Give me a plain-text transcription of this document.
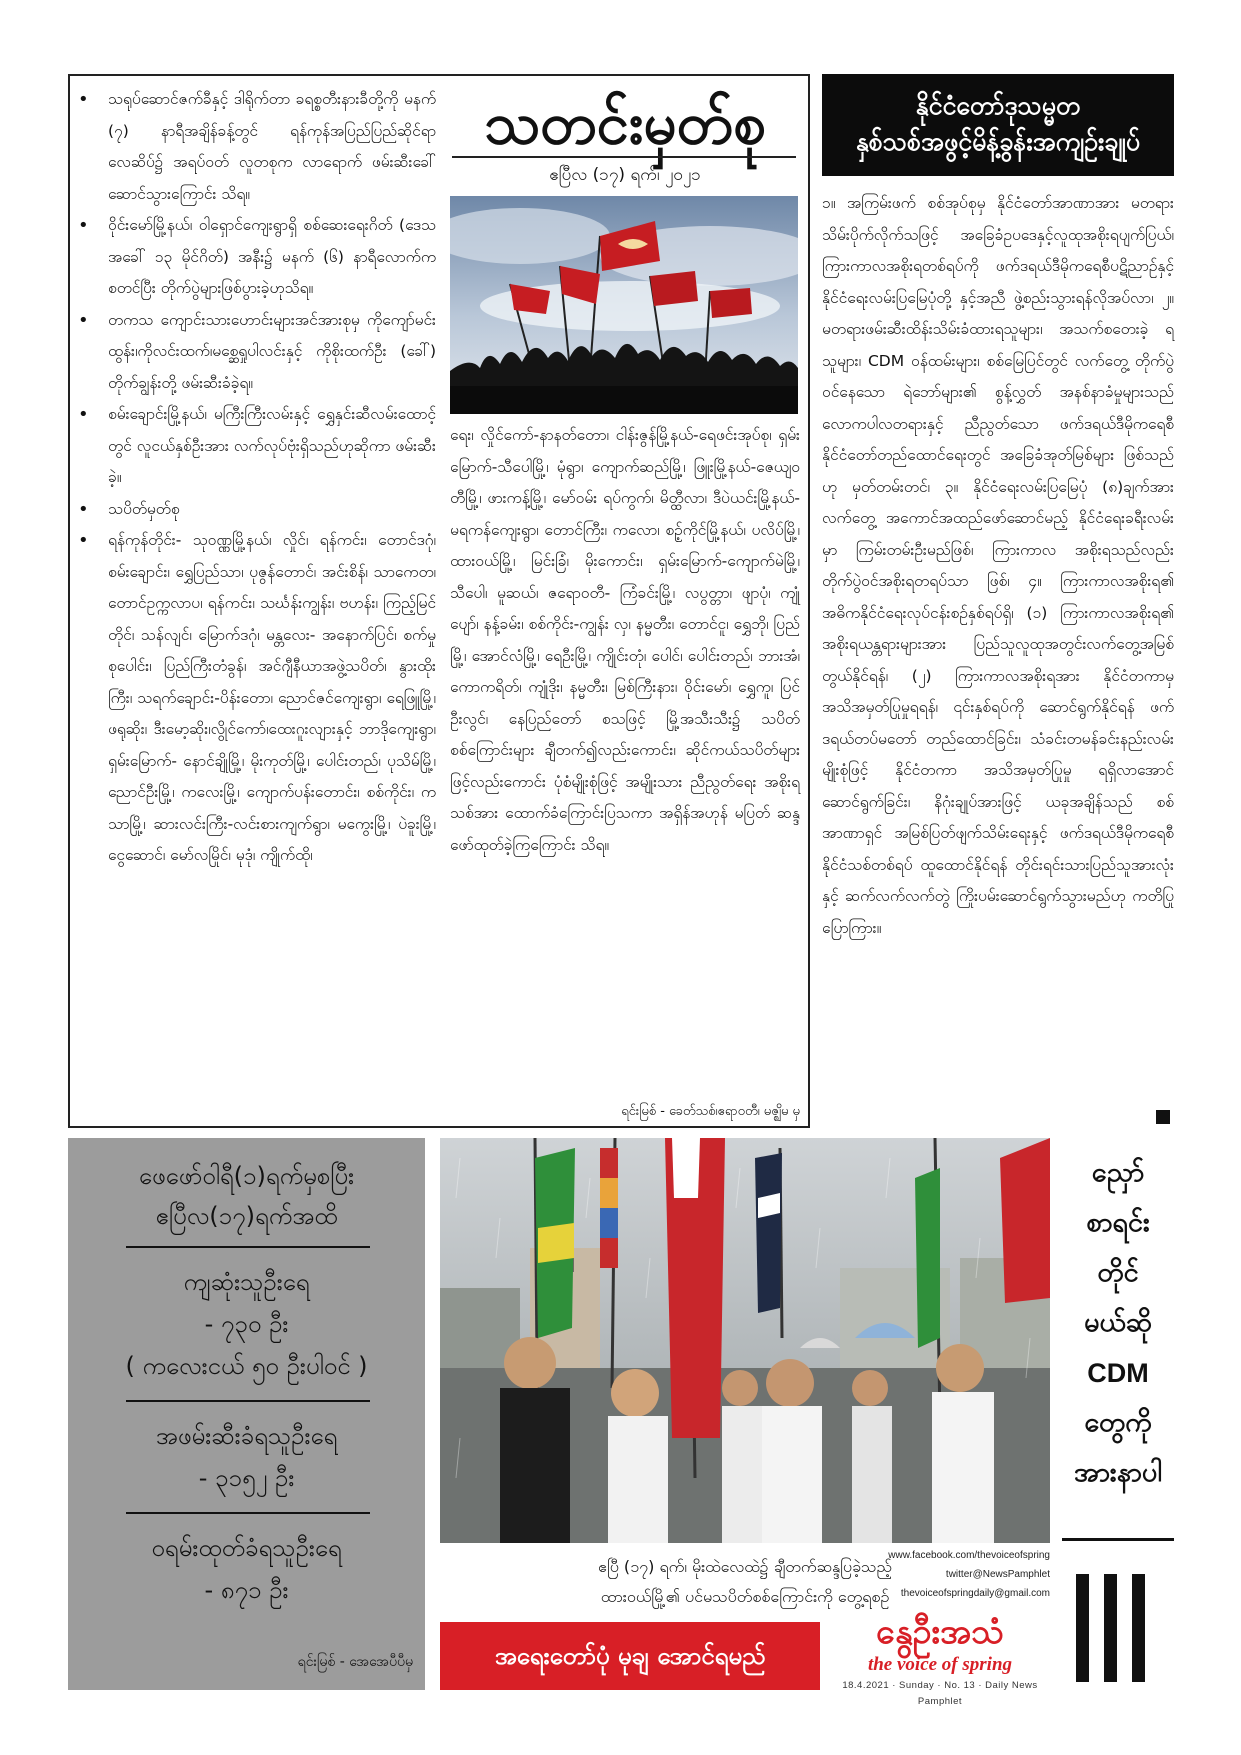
• သရုပ်ဆောင်ဇက်ခီနှင့် ဒါရိုက်တာ ခရစ္စတီးနားခီတို့ကို မနက် (၇) နာရီအချိန်ခန့်တွင် ရန်ကုန်အပြည်ပြည်ဆိုင်ရာ လေဆိပ်၌ အရပ်ဝတ် လူတစုက လာရောက် ဖမ်းဆီးခေါ်ဆောင်သွားကြောင်း သိရ။
• ဝိုင်းမော်မြို့နယ်၊ ဝါရှောင်ကျေးရွာရှိ စစ်ဆေးရေးဂိတ် (ဒေသအခေါ် ၁၃ မိုင်ဂိတ်) အနီး၌ မနက် (၆) နာရီလောက်က စတင်ပြီး တိုက်ပွဲများဖြစ်ပွားခဲ့ဟုသိရ။
• တကသ ကျောင်းသားဟောင်းများအင်အားစုမှ ကိုကျော်မင်းထွန်း၊ကိုလင်းထက်၊မစ္ဆေရှုပါလင်းနှင့် ကိုစိုးထက်ဦး (ခေါ်) တိုက်ချွန်းတို့ ဖမ်းဆီးခံခဲ့ရ။
• စမ်းချောင်းမြို့နယ်၊ မကြီးကြီးလမ်းနှင့် ရွှေနှင်းဆီလမ်းထောင့်တွင် လူငယ်နှစ်ဦးအား လက်လုပ်ဗုံးရှိသည်ဟုဆိုကာ ဖမ်းဆီးခဲ့။
• သပိတ်မှတ်စု
• ရန်ကုန်တိုင်း- သုဝဏ္ဏမြို့နယ်၊ လှိုင်၊ ရန်ကင်း၊ တောင်ဒဂုံ၊ စမ်းချောင်း၊ ရွှေပြည်သာ၊ ပုဇွန်တောင်၊ အင်းစိန်၊ သာကေတ၊ တောင်ဥက္ကလာပ၊ ရန်ကင်း၊ သင်္ဃန်းကျွန်း၊ ဗဟန်း၊ ကြည့်မြင်တိုင်၊ သန်လျင်၊ မြောက်ဒဂုံ၊ မန္တလေး- အနောက်ပြင်၊ စက်မှုစုပေါင်း၊ ပြည်ကြီးတံခွန်၊ အင်ဂျီနီယာအဖွဲ့သပိတ်၊ နွားထိုးကြီး၊ သရက်ချောင်း-ပိန်းတော၊ ညောင်ဇင်ကျေးရွာ၊ ရေဖြူမြို့၊ ဖရုဆိုး၊ ဒီးမော့ဆိုး၊လွိုင်ကော်၊ထေးဂူးလျားနှင့် ဘာဒိုကျေးရွာ၊ ရှမ်းမြောက်- နောင်ချိုမြို့၊ မိုးကုတ်မြို့၊ ပေါင်းတည်၊ ပုသိမ်မြို့၊ ညောင်ဦးမြို့၊ ကလေးမြို့၊ ကျောက်ပန်းတောင်း၊ စစ်ကိုင်း၊ ကသာမြို့၊ ဆားလင်းကြီး-လင်းစားကျက်ရွာ၊ မကွေးမြို့၊ ပဲခူးမြို့၊ ငွေဆောင်၊ မော်လမြိုင်၊ မုဒုံ၊ ကျိုက်ထို၊
သတင်းမှတ်စု
ဧပြီလ (၁၇) ရက်၊ ၂၀၂၁
ရေး၊ လှိုင်ကော်-နာနတ်တော၊ ငါန်းဇွန်မြို့နယ်-ရေဖင်းအုပ်စု၊ ရှမ်းမြောက်-သီပေါမြို့၊ မုံရွာ၊ ကျောက်ဆည်မြို့၊ ဖြူးမြို့နယ်-ဇေယျဝတီမြို့၊ ဖားကန့်မြို့၊ မော်ဝမ်း ရပ်ကွက်၊ မိတ္ထီလာ၊ ဒီပဲယင်းမြို့နယ်-မရကန်ကျေးရွာ၊ တောင်ကြီး၊ ကလော၊ စဉ့်ကိုင်မြို့နယ်၊ ပလိပ်မြို့၊ ထားဝယ်မြို့၊ မြင်းခြံ၊ မိုးကောင်း၊ ရှမ်းမြောက်-ကျောက်မဲမြို့၊ သီပေါ၊ မူဆယ်၊ ဇရောဝတီ- ကြံခင်းမြို့၊ လပွတ္တာ၊ ဖျာပုံ၊ ကျုံပျော်၊ နန့်ခမ်း၊ စစ်ကိုင်း-ကျွန်း လှ၊ နမ္မတီး၊ တောင်ငူ၊ ရွှေဘို၊ ပြည်မြို့၊ အောင်လံမြို့၊ ရေဦးမြို့၊ ကျိုင်းတုံ၊ ပေါင်၊ ပေါင်းတည်၊ ဘားအံ၊ ကောကရိတ်၊ ကျုံဒိုး၊ နမ္မတီး၊ မြစ်ကြီးနား၊ ဝိုင်းမော်၊ ရွှေကူ၊ ပြင်ဦးလွင်၊ နေပြည်တော် စသဖြင့် မြို့အသီးသီး၌ သပိတ်စစ်ကြောင်းများ ချီတက်၍လည်းကောင်း၊ ဆိုင်ကယ်သပိတ်များဖြင့်လည်းကောင်း ပုံစံမျိုးစုံဖြင့် အမျိုးသား ညီညွတ်ရေး အစိုးရသစ်အား ထောက်ခံကြောင်းပြသကာ အရှိန်အဟုန် မပြတ် ဆန္ဒဖော်ထုတ်ခဲ့ကြကြောင်း သိရ။
ရင်းမြစ် - ခေတ်သစ်၊ဧရာဝတီ၊ မဇ္ဈိမ မှ
နိုင်ငံတော်ဒုသမ္မတ
နှစ်သစ်အဖွင့်မိန့်ခွန်းအကျဉ်းချုပ်
၁။ အကြမ်းဖက် စစ်အုပ်စုမှ နိုင်ငံတော်အာဏာအား မတရား သိမ်းပိုက်လိုက်သဖြင့် အခြေခံဥပဒေနှင့်လူထုအစိုးရပျက်ပြယ်၊ကြားကာလအစိုးရတစ်ရပ်ကို ဖက်ဒရယ်ဒီမိုကရေစီပဋိညာဉ်နှင့် နိုင်ငံရေးလမ်းပြမြေပုံတို့ နှင့်အညီ ဖွဲ့စည်းသွားရန်လိုအပ်လာ၊ ၂။ မတရားဖမ်းဆီးထိန်းသိမ်းခံထားရသူများ၊ အသက်စတေးခဲ့ ရသူများ၊ CDM ဝန်ထမ်းများ၊ စစ်မြေပြင်တွင် လက်တွေ့ တိုက်ပွဲဝင်နေသော ရဲဘော်များ၏ စွန့်လွှတ် အနစ်နာခံမှုများသည် လောကပါလတရားနှင့် ညီညွတ်သော ဖက်ဒရယ်ဒီမိုကရေစီနိုင်ငံတော်တည်ထောင်ရေးတွင် အခြေခံအုတ်မြစ်များ ဖြစ်သည်ဟု မှတ်တမ်းတင်၊ ၃။ နိုင်ငံရေးလမ်းပြမြေပုံ (၈)ချက်အား လက်တွေ့ အကောင်အထည်ဖော်ဆောင်မည့် နိုင်ငံရေးခရီးလမ်းမှာ ကြမ်းတမ်းဦးမည်ဖြစ်၊ ကြားကာလ အစိုးရသည်လည်း တိုက်ပွဲဝင်အစိုးရတရပ်သာ ဖြစ်၊ ၄။ ကြားကာလအစိုးရ၏ အဓိကနိုင်ငံရေးလုပ်ငန်းစဉ်နှစ်ရပ်ရှိ၊ (၁) ကြားကာလအစိုးရ၏ အစိုးရယန္တရားများအား ပြည်သူလူထုအတွင်းလက်တွေ့အမြစ်တွယ်နိုင်ရန်၊ (၂) ကြားကာလအစိုးရအား နိုင်ငံတကာမှ အသိအမှတ်ပြုမှုရရန်၊ ၎င်းနှစ်ရပ်ကို ဆောင်ရွက်နိုင်ရန် ဖက်ဒရယ်တပ်မတော် တည်ထောင်ခြင်း၊ သံခင်းတမန်ခင်းနည်းလမ်းမျိုးစုံဖြင့် နိုင်ငံတကာ အသိအမှတ်ပြုမှု ရရှိလာအောင် ဆောင်ရွက်ခြင်း၊ နိဂုံးချုပ်အားဖြင့် ယခုအချိန်သည် စစ်အာဏာရှင် အမြစ်ပြတ်ဖျက်သိမ်းရေးနှင့် ဖက်ဒရယ်ဒီမိုကရေစီနိုင်ငံသစ်တစ်ရပ် ထူထောင်နိုင်ရန် တိုင်းရင်းသားပြည်သူအားလုံးနှင့် ဆက်လက်လက်တွဲ ကြိုးပမ်းဆောင်ရွက်သွားမည်ဟု ကတိပြုပြောကြား။
ဖေဖော်ဝါရီ(၁)ရက်မှစပြီး
ဧပြီလ(၁၇)ရက်အထိ
ကျဆုံးသူဦးရေ
- ၇၃၀ ဦး
( ကလေးငယ် ၅၀ ဦးပါဝင် )
အဖမ်းဆီးခံရသူဦးရေ
- ၃၁၅၂ ဦး
ဝရမ်းထုတ်ခံရသူဦးရေ
- ၈၇၁ ဦး
ရင်းမြစ် - အေအေပီပီမှ
ဧပြီ (၁၇) ရက်၊ မိုးထဲလေထဲ၌ ချီတက်ဆန္ဒပြခဲ့သည့်
ထားဝယ်မြို့၏ ပင်မသပိတ်စစ်ကြောင်းကို တွေ့ရစဉ်
အရေးတော်ပုံ မုချ အောင်ရမည်
ညှော်
စာရင်း
တိုင်
မယ်ဆို
CDM
တွေကို
အားနာပါ
www.facebook.com/thevoiceofspring
twitter@NewsPamphlet
thevoiceofspringdaily@gmail.com
နွေဦးအသံ
the voice of spring
18.4.2021 · Sunday · No. 13 · Daily News Pamphlet
